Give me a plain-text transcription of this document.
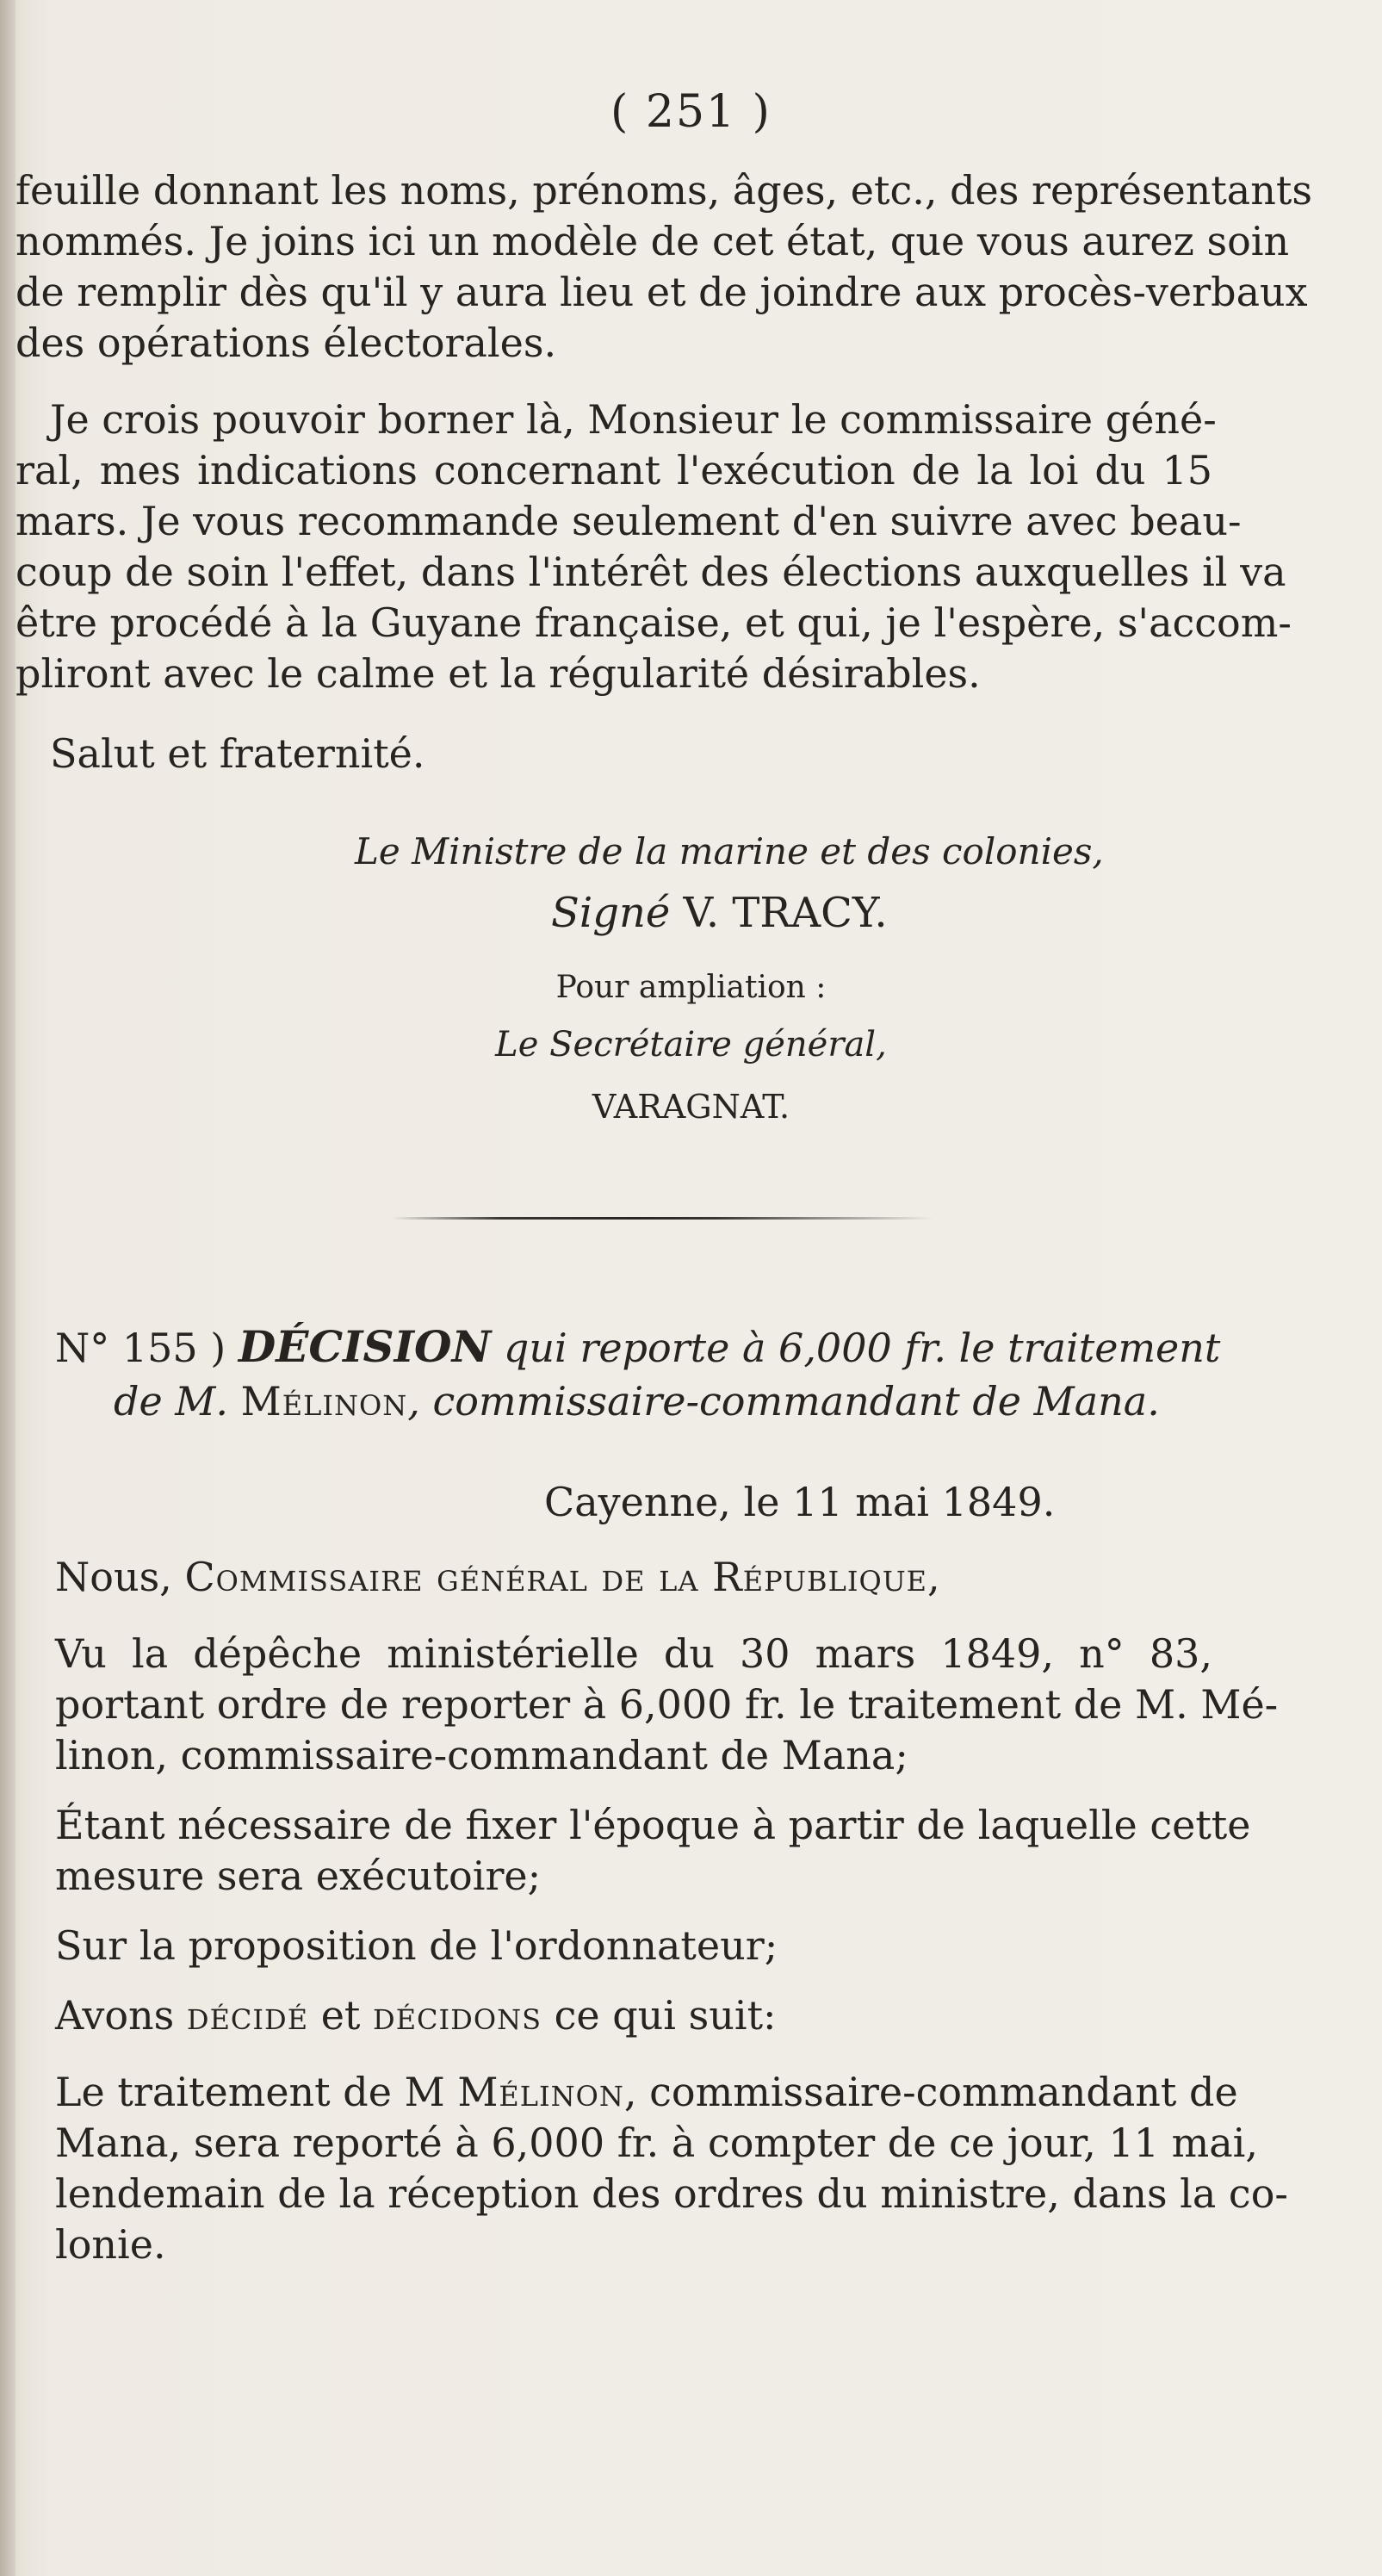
( 251 )
feuille donnant les noms, prénoms, âges, etc., des représentants
nommés. Je joins ici un modèle de cet état, que vous aurez soin
de remplir dès qu'il y aura lieu et de joindre aux procès-verbaux
des opérations électorales.
Je crois pouvoir borner là, Monsieur le commissaire géné-
ral, mes indications concernant l'exécution de la loi du 15
mars. Je vous recommande seulement d'en suivre avec beau-
coup de soin l'effet, dans l'intérêt des élections auxquelles il va
être procédé à la Guyane française, et qui, je l'espère, s'accom-
pliront avec le calme et la régularité désirables.
Salut et fraternité.
Le Ministre de la marine et des colonies,
Signé V. TRACY.
Pour ampliation :
Le Secrétaire général,
VARAGNAT.
N° 155 ) DÉCISION qui reporte à 6,000 fr. le traitement
de M. Mélinon, commissaire-commandant de Mana.
Cayenne, le 11 mai 1849.
Nous, Commissaire général de la République,
Vu la dépêche ministérielle du 30 mars 1849, n° 83,
portant ordre de reporter à 6,000 fr. le traitement de M. Mé-
linon, commissaire-commandant de Mana;
Étant nécessaire de fixer l'époque à partir de laquelle cette
mesure sera exécutoire;
Sur la proposition de l'ordonnateur;
Avons décidé et décidons ce qui suit:
Le traitement de M Mélinon, commissaire-commandant de
Mana, sera reporté à 6,000 fr. à compter de ce jour, 11 mai,
lendemain de la réception des ordres du ministre, dans la co-
lonie.
